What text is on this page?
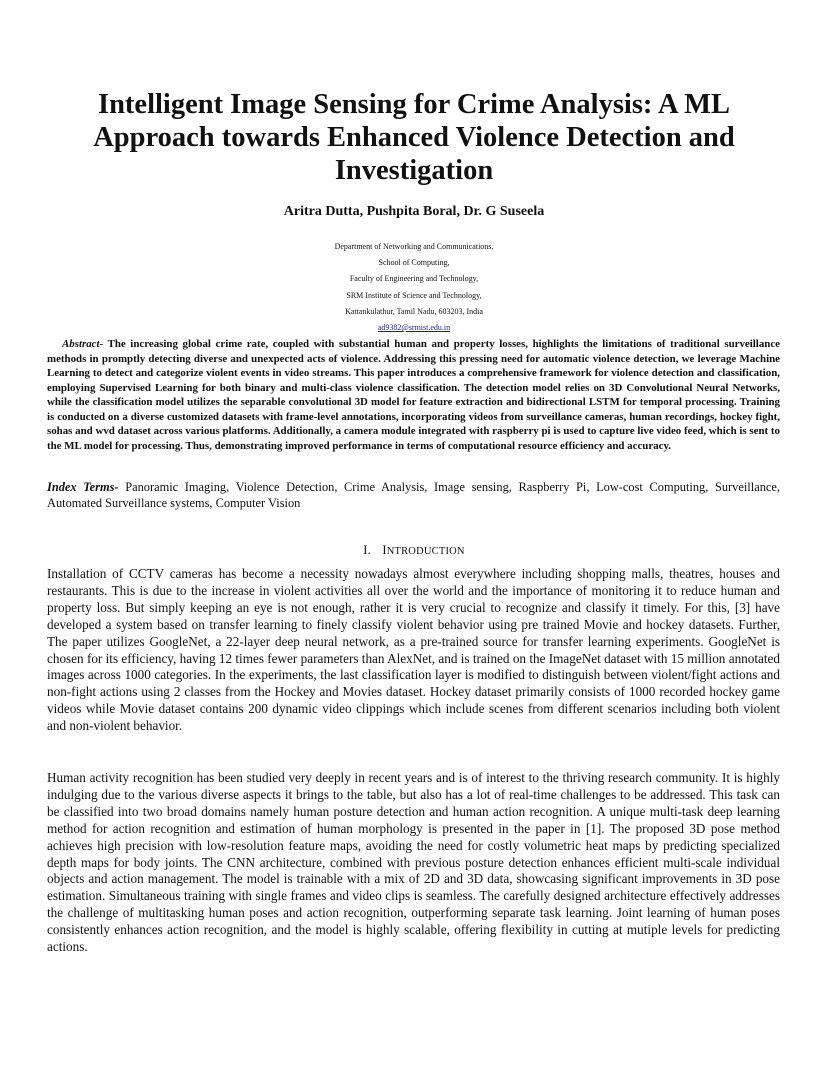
Intelligent Image Sensing for Crime Analysis: A ML Approach towards Enhanced Violence Detection and Investigation
Aritra Dutta, Pushpita Boral, Dr. G Suseela
Department of Networking and Communications,
School of Computing,
Faculty of Engineering and Technology,
SRM Institute of Science and Technology,
Kattankulathur, Tamil Nadu, 603203, India
ad9382@srmist.edu.in
Abstract- The increasing global crime rate, coupled with substantial human and property losses, highlights the limitations of traditional surveillance methods in promptly detecting diverse and unexpected acts of violence. Addressing this pressing need for automatic violence detection, we leverage Machine Learning to detect and categorize violent events in video streams. This paper introduces a comprehensive framework for violence detection and classification, employing Supervised Learning for both binary and multi-class violence classification. The detection model relies on 3D Convolutional Neural Networks, while the classification model utilizes the separable convolutional 3D model for feature extraction and bidirectional LSTM for temporal processing. Training is conducted on a diverse customized datasets with frame-level annotations, incorporating videos from surveillance cameras, human recordings, hockey fight, sohas and wvd dataset across various platforms. Additionally, a camera module integrated with raspberry pi is used to capture live video feed, which is sent to the ML model for processing. Thus, demonstrating improved performance in terms of computational resource efficiency and accuracy.
Index Terms- Panoramic Imaging, Violence Detection, Crime Analysis, Image sensing, Raspberry Pi, Low-cost Computing, Surveillance, Automated Surveillance systems, Computer Vision
I. INTRODUCTION
Installation of CCTV cameras has become a necessity nowadays almost everywhere including shopping malls, theatres, houses and restaurants. This is due to the increase in violent activities all over the world and the importance of monitoring it to reduce human and property loss. But simply keeping an eye is not enough, rather it is very crucial to recognize and classify it timely. For this, [3] have developed a system based on transfer learning to finely classify violent behavior using pre trained Movie and hockey datasets. Further, The paper utilizes GoogleNet, a 22-layer deep neural network, as a pre-trained source for transfer learning experiments. GoogleNet is chosen for its efficiency, having 12 times fewer parameters than AlexNet, and is trained on the ImageNet dataset with 15 million annotated images across 1000 categories. In the experiments, the last classification layer is modified to distinguish between violent/fight actions and non-fight actions using 2 classes from the Hockey and Movies dataset. Hockey dataset primarily consists of 1000 recorded hockey game videos while Movie dataset contains 200 dynamic video clippings which include scenes from different scenarios including both violent and non-violent behavior.
Human activity recognition has been studied very deeply in recent years and is of interest to the thriving research community. It is highly indulging due to the various diverse aspects it brings to the table, but also has a lot of real-time challenges to be addressed. This task can be classified into two broad domains namely human posture detection and human action recognition. A unique multi-task deep learning method for action recognition and estimation of human morphology is presented in the paper in [1]. The proposed 3D pose method achieves high precision with low-resolution feature maps, avoiding the need for costly volumetric heat maps by predicting specialized depth maps for body joints. The CNN architecture, combined with previous posture detection enhances efficient multi-scale individual objects and action management. The model is trainable with a mix of 2D and 3D data, showcasing significant improvements in 3D pose estimation. Simultaneous training with single frames and video clips is seamless. The carefully designed architecture effectively addresses the challenge of multitasking human poses and action recognition, outperforming separate task learning. Joint learning of human poses consistently enhances action recognition, and the model is highly scalable, offering flexibility in cutting at mutiple levels for predicting actions.
